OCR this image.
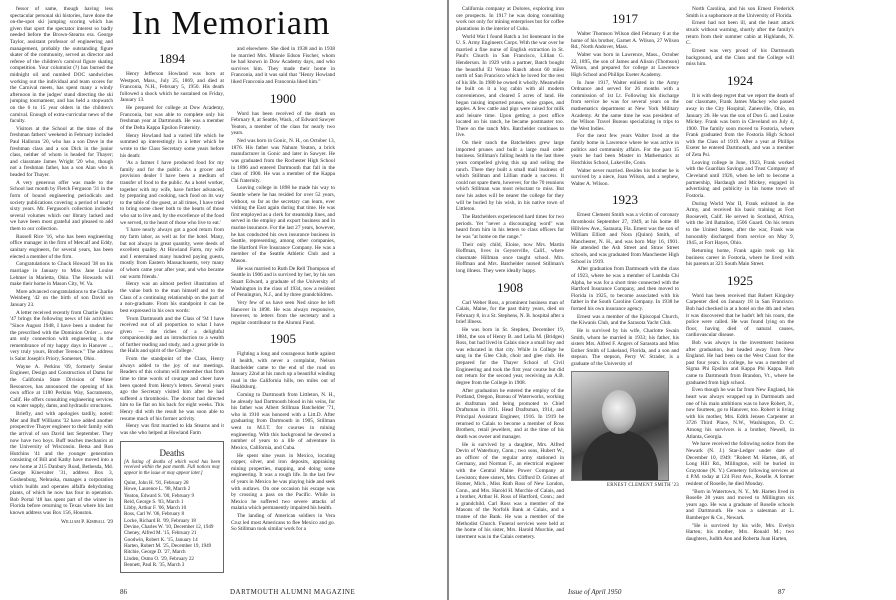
In Memoriam

fessor of same, though having less spectacular personal ski histories, have done the on-the-spot ski jumping scoring which has given that sport the spectator interest so badly needed before the Brown-Stearns era. George Taylor, assistant professor of engineering and management, probably the outstanding figure skater of the community, served as director and referee of the children's carnival figure skating competition. Your columnist (?) has burned the midnight oil and numbed DOC sandwiches working out the individual and team scores for the Carnival meets, has spent many a windy afternoon in the judges' stand directing the ski jumping tournament, and has held a stopwatch on the 6 to 15 year olders in the children's carnival. Enough of extra-curricular news of the faculty.

Visitors at the School at the time of the freshman fathers' weekend in February included Paul Halloran '20, who has a son Dave in the freshman class and a son Dick in the junior class, neither of whom is headed for Thayer; and classmate James Wright '20 who, though not a freshman father, has a son Alan who is headed for Thayer.

A very generous offer was made to the School last month by Fletch Ferguson '31 in the form of bound engineering periodicals and society publications covering a period of nearly sixty years. Mr. Ferguson's collection included several volumes which our library lacked and we have been most grateful and pleased to add them to our collection.

Russell Rice '16, who has been engineering office manager in the firm of Metcalf and Eddy, sanitary engineers, for several years, has been elected a member of the firm.

Congratulations to Chuck Howard '38 on his marriage in January to Miss Jane Louise Lehmer in Marietta, Ohio. The Howards will make their home in Mason City, W. Va.

More advanced congratulations to the Charlie Weinberg '42 on the birth of son David on January 23.

A letter received recently from Charlie Quinn '47 brings the following news of his activities: "Since August 1948, I have been a student for the prescribed with the Dominion Order ... now am only connection with engineering is the remembrance of my happy days in Hanover ... very truly yours, Brother Terence." The address is Saint Joseph's Priory, Somerset, Ohio.

Wayne A. Perkins '09, formerly Senior Engineer, Design and Construction of Dams for the California State Division of Water Resources, has announced the opening of his own office at 1180 Perkins Way, Sacramento, Calif. He offers consulting engineering services on water supply, dams, and hydraulic structures.

Briefly, and with apologies tardily, noted: Mer and Buff Williams '32 have added another prospective Thayer engineer to their family with the arrival of son David last September. They now have two boys. Buff teaches mechanics at the University of Wisconsin. Betsa and Ron Hutchins '41 and the younger generation consisting of Bill and Kathy have moved into a new home at 215 Danbury Road, Bethesda, Md. George Kinevaiter '31, address Box 3, Goshenburg, Nebraska, manages a corporation which builds and operates alfalfa dehydrating plants, of which he now has four in operation. Bob Portal '48 has spent part of the winter in Florida before returning to Texas where his last known address was Box 156, Houston.

William P. Kimball '29
1894

Henry Jefferson Howland was born at Westport, Mass., July 25, 1869, and died at Franconia, N.H., February 5, 1950. His death followed a shock which he sustained on Friday, January 13.

He prepared for college at Dow Academy, Franconia, but was able to complete only his freshman year at Dartmouth. He was a member of the Delta Kappa Epsilon Fraternity.

Henry Howland had a varied life which he summed up interestingly in a letter which he wrote to the Class Secretary some years before his death:

'As a farmer I have produced food for my family and for the public. As a grocer and provision dealer I have been a medium of transfer of food to the public. As a hotel worker, together with my wife, have further advanced, by preparing and cooking, such food on its way to the table of the guest, at all times, I have tried to bring some cheer both to the hearts of those who sat to live and, by the excellence of the food we served, to the heart of those who live to eat.'

'I have nearly always got a good return from my farm labor, as well as for the hotel. Many, but not always in great quantity, were deeds of excellent quality. At Howland Farm, my wife and I entertained many hundred paying guests, mostly from Eastern Massachusetts, very many of whom came year after year, and who became our warm friends.'

Henry was an almost perfect illustration of the value both to the man himself and to the Class of a continuing relationship on the part of a non-graduate. From his standpoint it can be best expressed in his own words:

'From Dartmouth and the Class of '94 I have received out of all proportion to what I have given — the riches of a delightful companionship and an introduction to a wealth of further reading and study, and a great pride in the Halls and spirit of the College.'

From the standpoint of the Class, Henry always added to the joy of our meetings. Readers of this column will remember that from time to time words of courage and cheer have been quoted from Henry's letters. Several years ago the Secretary visited him after he had suffered a thrombosis. The doctor had directed him to lie flat on his back for eight weeks. This Henry did with the result he was soon able to resume much of his former activity.

Henry was first married to Ida Stearns and it was she who helped at Howland Farm

Deaths

[A listing of deaths of which word has been received within the past month. Full notices may appear in the issue or may appear later.]

Quint, John H. '91, February 28
Howe, Laurence L. '98, March 2
Yeaton, Edward S. '00, February 9
Reid, George S. '03, March 1
Libby, Arthur F. '06, March 10
Ross, Carl W. '06, February 8
Locke, Richard B. '09, February 18
Devine, Charles W. '10, December 12, 1949
Cheney, Alfred M. '15, February 21
Goodwin, Robert K. '15, January 14
Harten, Robert M. '25, December 19, 1949
Ritchie, George D. '27, March
Linden, Osmo O. '29, February 22
Bennett, Paul R. '35, March 3

and elsewhere. She died in 1938 and in 1938 he married Mrs. Minnie Edson Fischer, whom he had known in Dow Academy days, and who survives him. They made their home in Franconia, and it was said that "Henry Howland liked Franconia and Franconia liked him."

1900

Word has been received of the death on February 8, at Seattle, Wash., of Edward Sawyer Yeaton, a member of the class for nearly two years.

Ned was born in Gonic, N. H., on October 13, 1876. His father was Nahum Yeaton, a brick manufacturer in Gonic and later in Sawyer. He was graduated from the Rochester High School in 1896 and entered Dartmouth that fall in the class of 1900. He was a member of the Kappa Chi fraternity.

Leaving college in 1898 he made his way to Seattle where he has resided for over 52 years, without, so far as the secretary can learn, ever visiting the East again during that time. He was first employed as a clerk for steamship lines, and served in the employ and export business and in marine insurance. For the last 27 years, however, he has conducted his own insurance business in Seattle, representing, among other companies, the Hartford Fire Insurance Company. He was a member of the Seattle Athletic Club and a Mason.

He was married to Ruth De Rell Thompson of Seattle in 1906 and is survived by her, by his son Stuart Edward, a graduate of the University of Washington in the class of 1934, now a resident of Pennington, N.J., and by three grandchildren.

Very few of us have seen Ned since he left Hanover in 1898. He was always responsive, however, to letters from the secretary and a regular contributor to the Alumni Fund.

1905

Fighting a long and courageous battle against ill health, with never a complaint, Nelson Batchelder came to the end of the road on January 22nd at his ranch up a beautiful winding road in the California hills, ten miles out of Healdsburg.

Coming to Dartmouth from Littleton, N. H., he already had Dartmouth blood in his veins, for his father was Albert Stillman Batchelder '71, who in 1910 was honored with a Litt.D. After graduating from Dartmouth in 1905, Stillman went to M.I.T. for courses in mining engineering. With this background he devoted a number of years to a life of adventure in Mexico, California, and Cuba.

He spent nine years in Mexico, locating copper, silver, and iron deposits, appraising mining properties, mapping, and doing some engineering. It was a rough life. In the last few of years in Mexico he was playing hide and seek with outlaws. On one occasion his escape was by crossing a pass on the Pacific. While in Mexico he suffered two severe attacks of malaria which permanently impaired his health.

The landing of American soldiers in Vera Cruz led most Americans to flee Mexico and go. So Stillman took similar work for a

86	DARTMOUTH ALUMNI MAGAZINE

California company at Dolores, exploring iron ore prospects. In 1917 he was doing consulting work not only for mining enterprises but for coffee plantations in the interior of Cuba.

World War I found Batch a 1st lieutenant in the U. S. Army Engineers Corps. With the war over he married a fine nurse of English extraction in St. Paul's Church in San Francisco, Lillian G. Henderson. In 1929 with a partner, Batch bought the beautiful El Verano Ranch about 60 miles north of San Francisco which he loved for the rest of his life. In 1980 he owned it wholly. Meanwhile he built on it a log cabin with all modern conveniences, and cleared 5 acres of land. He began raising imported prunes, wine grapes, and apples. A few cattle and pigs were raised for milk and leisure time. Upon getting a post office located on his ranch, he became postmaster too. There on the ranch Mrs. Batchelder continues to live.

On their ranch the Batchelders grew large imported prunes and built a large mail order business. Stillman's failing health in the last three years compelled giving this up and selling the ranch. There they built a small mail business of which Stillman and Lillian made a success. It could not spare them, however, for the 70 reunions which Stillman was most reluctant to miss. But now his ashes will be nearer the college for they will be buried by his wish, in his native town of Littleton.

The Batchelders experienced hard times for two periods. Yet "never a discouraging word" was heard from him in his letters to class officers for he was "at home on the range."

Their only child, Eloise, now Mrs. Martin Hoffman, lives in Geyserville, Calif., where classmate Hillman once taught school. Mrs. Hoffman and Mrs. Batchelder nursed Stillman's long illness. They were ideally happy.

1908

Carl Weber Ross, a prominent business man of Calais, Maine, for the past thirty years, died on February 8, in a St. Stephens, N. B. hospital after a brief illness.

He was born in St. Stephen, December 19, 1884, the son of Henry B. and Lelia M. (Bridges) Ross, but had lived in Calais since a small boy and was educated in that city. While in College he sang in the Glee Club, choir and glee club. He prepared for the Thayer School of Civil Engineering and took the first year course but did not return for the second year, receiving an A.B. degree from the College in 1908.

After graduation he entered the employ of the Portland, Oregon, Bureau of Waterworks, working as draftsman and being promoted to Chief Draftsman in 1911. Head Draftsman, 1914, and Principal Assistant Engineer, 1916. In 1919 he returned to Calais to become a member of Ross Brothers, retail jewellers, and at the time of his death was owner and manager.

He is survived by a daughter, Mrs. Alfred Devin of Waterbury, Conn.; two sons, Hubert W., an officer of the regular army stationed in Germany, and Norman F., an electrical engineer with the Central Maine Power Company at Lewiston; three sisters, Mrs. Clifford D. Grimes of Homer, Mich., Miss Ruth Ross of New London, Conn., and Mrs. Harold H. Murchie of Calais, and a brother, Arthur H. Ross of Hartford, Conn.; and a grandchild. Carl Ross was a member of the Masons of the Norfolk Bank at Calais, and a trustee of the Bank. He was a member of the Methodist Church. Funeral services were held at the home of his sister, Mrs. Harold Murchie, and interment was in the Calais cemetery.

1917

Walter Thomson Wilson died February 6 at the home of his brother, Garnet A. Wilson, 27 Wilson Rd., North Andover, Mass.

Walter was born in Lawrence, Mass., October 22, 1895, the son of James and Alison (Thomson) Wilson, and prepared for college at Lawrence High School and Phillips Exeter Academy.

In June 1917, Walter enlisted in the Army Ordnance and served for 26 months with a commission of 1st Lt. Following his discharge from service he was for several years on the mathematics department at New York Military Academy. At the same time he was president of the Wilson Travel Bureau specializing in trips to the West Indies.

For the next few years Walter lived at the family home in Lawrence where he was active in politics and community affairs. For the past 15 years he had been Master in Mathematics at Hotchkiss School, Lakeville, Conn.

Walter never married. Besides his brother he is survived by a niece, Joan Wilson, and a nephew, Walter A. Wilson.

1923

Ernest Clement Smith was a victim of coronary thrombosis September 27, 1949, at his home 48 Hillview Ave., Sarasota, Fla. Ernest was the son of William Elliott and Nora (Quinn) Smith, of Manchester, N. H., and was born May 16, 1901. He attended the Ash Street and Straw Street schools, and was graduated from Manchester High School in 1919.

After graduation from Dartmouth with the class of 1923, where he was a member of Lambda Chi Alpha, he was for a short time connected with the Hartford Insurance Company, and then moved to Florida in 1925, to become associated with his father in the South Caroline Company. In 1938 he formed his own insurance agency.

Ernest was a member of the Episcopal Church, the Kiwanis Club, and the Sarasota Yacht Club.

He is survived by his wife, Charlotte Swain Smith, whom he married in 1933; his father, his sisters Mrs. Alfred F. Angers of Sarasota and Miss Esther Smith of Lakeland, Florida, and a son and stepson. The stepson, Perry W. Strader, is a graduate of the University of

ERNEST CLEMENT SMITH '23

North Carolina, and his son Ernest Frederick Smith is a sophomore at the University of Florida.

Ernest had not been ill, and the heart attack struck without warning, shortly after the family's return from their summer cabin at Highlands, N. C.

Ernest was very proud of his Dartmouth background, and the Class and the College will miss him.

1924

It is with deep regret that we report the death of our classmate, Frank James Mackey who passed away in the City Hospital, Zanesville, Ohio, on January 26. He was the son of Don G. and Louise Mickey. Frank was born in Cleveland on July 4, 1900. The family soon moved to Fostoria, where Frank graduated from the Fostoria High School with the Class of 1919. After a year at Phillips Exeter he entered Dartmouth, and was a member of Zeta Psi.

Leaving college in June, 1923, Frank worked with the Guardian Savings and Trust Company of Cleveland until 1926, when he left to become a partnership, Hardaugh and Mickey, engaged in advertising and publicity in his home town of Fostoria.

During World War II, Frank enlisted in the Army, and received his basic training at Fort Roosevelt, Calif. He served in Scotland, Africa, with the 3rd Battalion, 1506 Guard. On his return to the United States, after the war, Frank was honorably discharged from service on May 9, 1945, at Fort Hayes, Ohio.

Returning home, Frank again took up his business career in Fostoria, where he lived with his parents at 321 South Main Street.

1925

Word has been received that Robert Kingsley Carpenter died on January 18 in San Francisco. Bob had checked in at a hotel on the 4th and when it was discovered that he hadn't left his room, the police were called. He was found lying on the floor, having died of natural causes, cardiovascular disease.

Bob was always in the investment business after graduation, but headed away from New England. He had been on the West Coast for the past four years. In college, he was a member of Sigma Phi Epsilon and Kappa Phi Kappa. Bob came to Dartmouth from Brandon, Vt., where he graduated from high school.

Even though he was far from New England, his heart was always wrapped up in Dartmouth and one of his main ambitions was to have Robert, Jr., now fourteen, go to Hanover, too. Robert is living with his mother, Mrs. Edith Jensen Carpenter at 3726 Third Place, N.W., Washington, D. C. Among his survivors is a brother, Newell, in Atlanta, Georgia.

We have received the following notice from the Newark (N. J.) Star-Ledger under date of December 10, 1949: "Robert M. Harten, 46, of Long Hill Rd., Millington, will be buried in Graystone (N. Y.) Cemetery following services at 4 P.M. today at 124 First Ave., Roselle. A former resident of Roselle, he died Monday.

"Born in Watertown, N. Y., Mr. Harten lived in Roselle 28 years and moved to Millington six years ago. He was a graduate of Roselle schools and Dartmouth. He was a salesman at L. Bamberger & Co., Newark.

"He is survived by his wife, Mrs. Evelyn Harten; his mother, Mrs. Ronald M.; two daughters, Judith Ann and Roberta Joan Harten,

Issue of April 1950	87
